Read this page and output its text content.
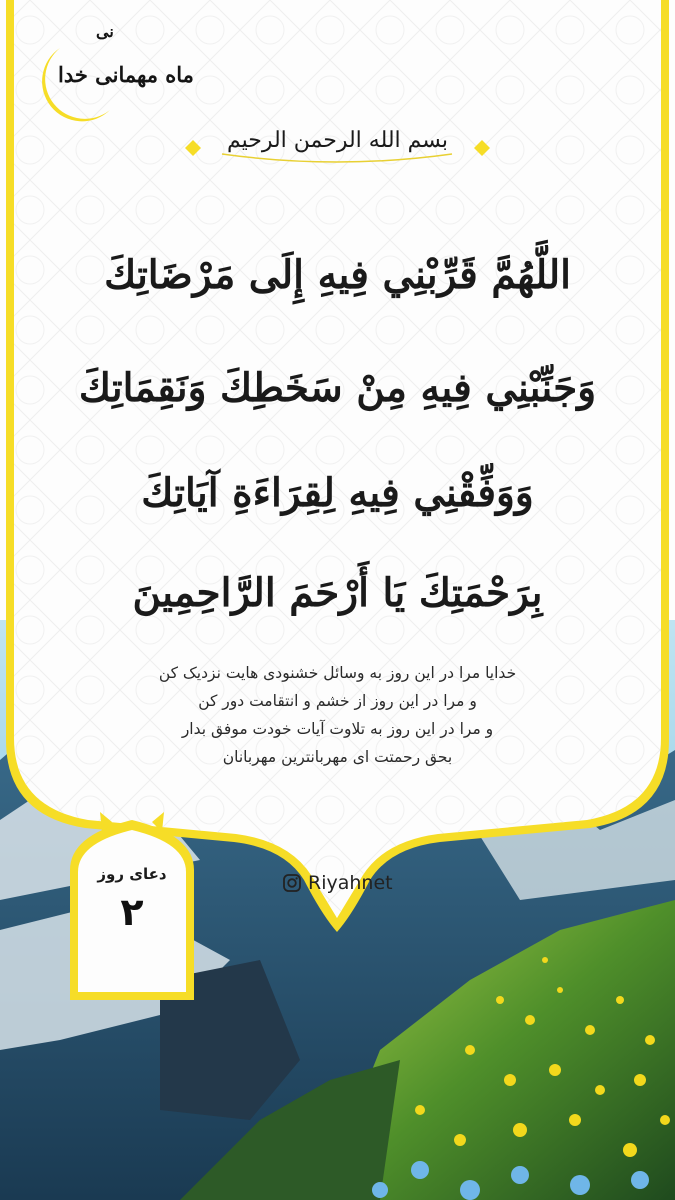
نی
ماه مهمانی خدا
بسم الله الرحمن الرحیم
اللَّهُمَّ قَرِّبْنِي فِيهِ إِلَى مَرْضَاتِكَ
وَجَنِّبْنِي فِيهِ مِنْ سَخَطِكَ وَنَقِمَاتِكَ
وَوَفِّقْنِي فِيهِ لِقِرَاءَةِ آيَاتِكَ
بِرَحْمَتِكَ يَا أَرْحَمَ الرَّاحِمِينَ
خدایا مرا در این روز به وسائل خشنودی هایت نزدیک کن
و مرا در این روز از خشم و انتقامت دور کن
و مرا در این روز به تلاوت آیات خودت موفق بدار
بحق رحمتت ای مهربانترین مهربانان
دعای روز
۲
Riyahnet
